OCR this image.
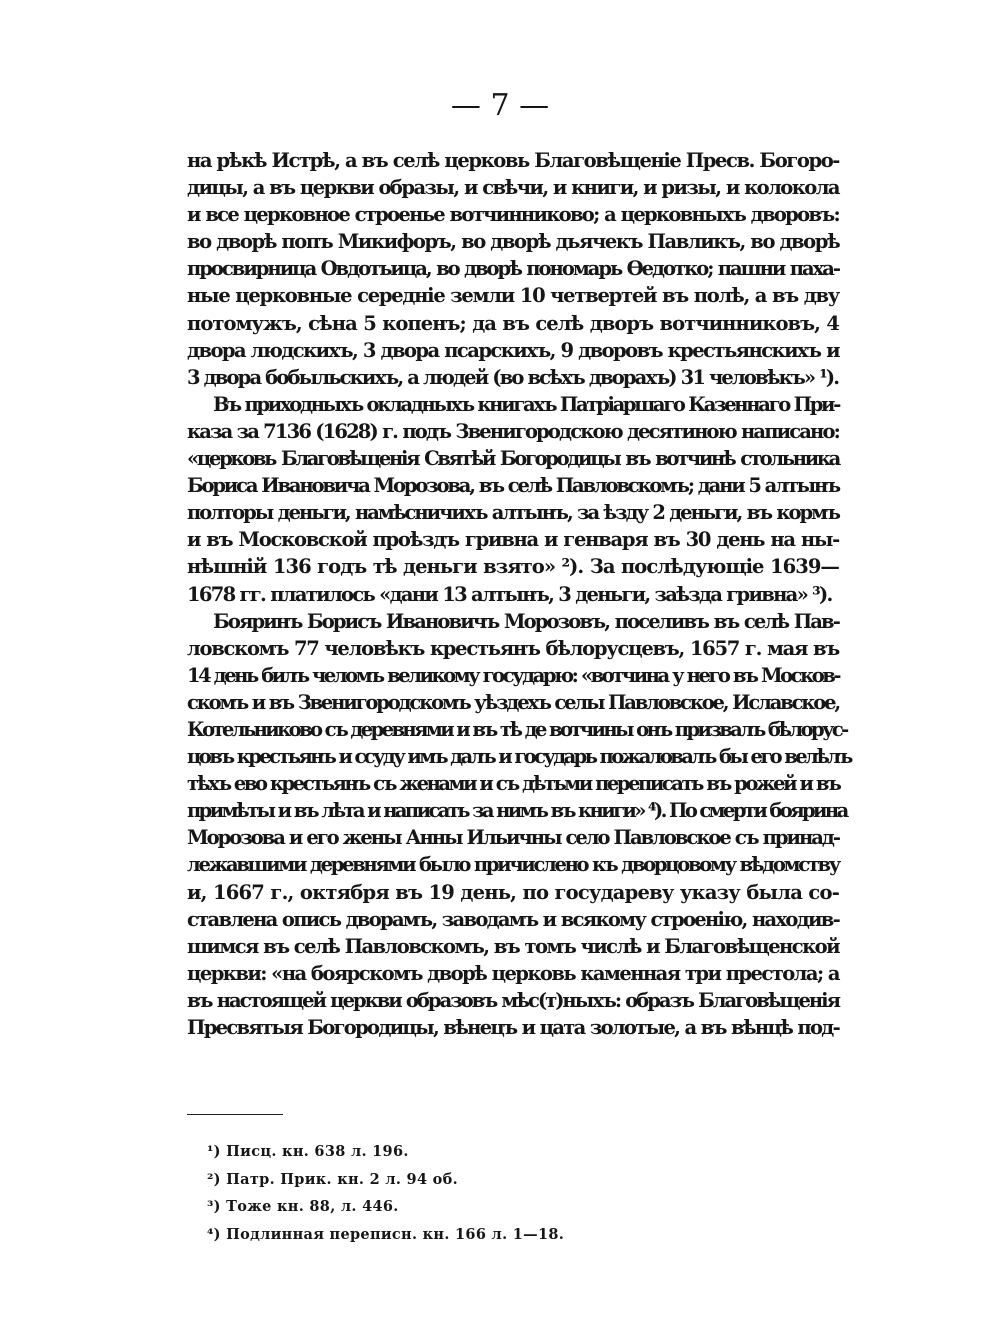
— 7 —
на рѣкѣ Истрѣ, а въ селѣ церковь Благовѣщеніе Пресв. Богоро-
дицы, а въ церкви образы, и свѣчи, и книги, и ризы, и колокола
и все церковное строенье вотчинниково; а церковныхъ дворовъ:
во дворѣ попъ Микифоръ, во дворѣ дьячекъ Павликъ, во дворѣ
просвирница Овдотьица, во дворѣ пономарь Ѳедотко; пашни паха-
ные церковные середніе земли 10 четвертей въ полѣ, а въ дву
потомужъ, сѣна 5 копенъ; да въ селѣ дворъ вотчинниковъ, 4
двора людскихъ, 3 двора псарскихъ, 9 дворовъ крестьянскихъ и
3 двора бобыльскихъ, а людей (во всѣхъ дворахъ) 31 человѣкъ» ¹).
Въ приходныхъ окладныхъ книгахъ Патріаршаго Казеннаго При-
каза за 7136 (1628) г. подъ Звенигородскою десятиною написано:
«церковь Благовѣщенія Святѣй Богородицы въ вотчинѣ стольника
Бориса Ивановича Морозова, въ селѣ Павловскомъ; дани 5 алтынъ
полторы деньги, намѣсничихъ алтынъ, за ѣзду 2 деньги, въ кормъ
и въ Московской проѣздъ гривна и генваря въ 30 день на ны-
нѣшній 136 годъ тѣ деньги взято» ²). За послѣдующіе 1639—
1678 гг. платилось «дани 13 алтынъ, 3 деньги, заѣзда гривна» ³).
Бояринъ Борисъ Ивановичъ Морозовъ, поселивъ въ селѣ Пав-
ловскомъ 77 человѣкъ крестьянъ бѣлорусцевъ, 1657 г. мая въ
14 день билъ челомъ великому государю: «вотчина у него въ Москов-
скомъ и въ Звенигородскомъ уѣздехъ селы Павловское, Иславское,
Котельниково съ деревнями и въ тѣ де вотчины онъ призвалъ бѣлорус-
цовъ крестьянъ и ссуду имъ далъ и государь пожаловалъ бы его велѣлъ
тѣхъ ево крестьянъ съ женами и съ дѣтьми переписать въ рожей и въ
примѣты и въ лѣта и написать за нимъ въ книги» ⁴). По смерти боярина
Морозова и его жены Анны Ильичны село Павловское съ принад-
лежавшими деревнями было причислено къ дворцовому вѣдомству
и, 1667 г., октября въ 19 день, по государеву указу была со-
ставлена опись дворамъ, заводамъ и всякому строенію, находив-
шимся въ селѣ Павловскомъ, въ томъ числѣ и Благовѣщенской
церкви: «на боярскомъ дворѣ церковь каменная три престола; а
въ настоящей церкви образовъ мѣс(т)ныхъ: образъ Благовѣщенія
Пресвятыя Богородицы, вѣнецъ и цата золотые, а въ вѣнцѣ под-
¹) Писц. кн. 638 л. 196.
²) Патр. Прик. кн. 2 л. 94 об.
³) Тоже кн. 88, л. 446.
⁴) Подлинная переписн. кн. 166 л. 1—18.
